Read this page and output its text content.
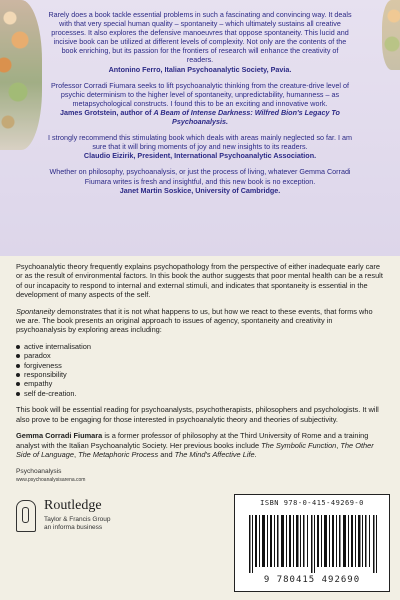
Rarely does a book tackle essential problems in such a fascinating and convincing way. It deals with that very special human quality – spontaneity – which ultimately sustains all creative processes. It also explores the defensive manoeuvres that oppose spontaneity. This lucid and incisive book can be utilized at different levels of complexity. Not only are the contents of the book enriching, but its passion for the frontiers of research will enhance the creativity of readers.
Antonino Ferro, Italian Psychoanalytic Society, Pavia.

Professor Corradi Fiumara seeks to lift psychoanalytic thinking from the creature-drive level of psychic determinism to the higher level of spontaneity, unpredictability, humanness – as metapsychological constructs. I found this to be an exciting and innovative work.
James Grotstein, author of A Beam of Intense Darkness: Wilfred Bion's Legacy To Psychoanalysis.

I strongly recommend this stimulating book which deals with areas mainly neglected so far. I am sure that it will bring moments of joy and new insights to its readers.
Claudio Eizirik, President, International Psychoanalytic Association.

Whether on philosophy, psychoanalysis, or just the process of living, whatever Gemma Corradi Fiumara writes is fresh and insightful, and this new book is no exception.
Janet Martin Soskice, University of Cambridge.

Psychoanalytic theory frequently explains psychopathology from the perspective of either inadequate early care or as the result of environmental factors. In this book the author suggests that poor mental health can be a result of our incapacity to respond to internal and external stimuli, and indicates that spontaneity is essential in the development of many aspects of the self.

Spontaneity demonstrates that it is not what happens to us, but how we react to these events, that forms who we are. The book presents an original approach to issues of agency, spontaneity and creativity in psychoanalysis by exploring areas including:

active internalisation
paradox
forgiveness
responsibility
empathy
self de-creation.

This book will be essential reading for psychoanalysts, psychotherapists, philosophers and psychologists. It will also prove to be engaging for those interested in psychoanalytic theory and theories of subjectivity.

Gemma Corradi Fiumara is a former professor of philosophy at the Third University of Rome and a training analyst with the Italian Psychoanalytic Society. Her previous books include The Symbolic Function, The Other Side of Language, The Metaphoric Process and The Mind's Affective Life.

Psychoanalysis
www.psychoanalysisarena.com
Routledge
Taylor & Francis Group
an informa business
ISBN 978-0-415-49269-0
9 780415 492690
